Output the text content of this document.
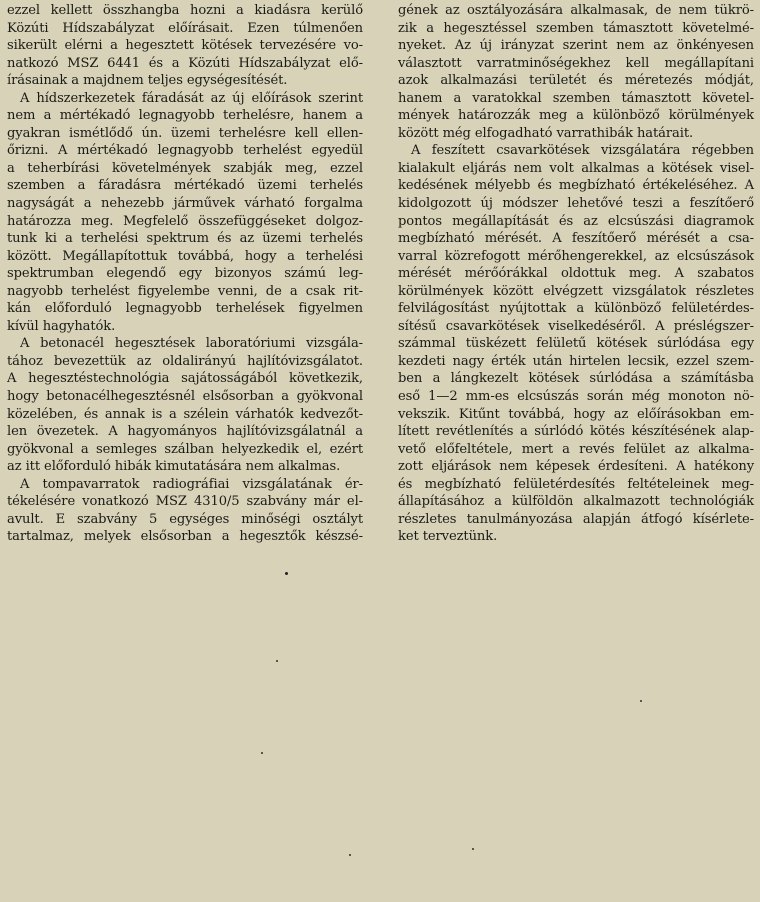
ezzel kellett összhangba hozni a kiadásra kerülő
Közúti Hídszabályzat előírásait. Ezen túlmenően
sikerült elérni a hegesztett kötések tervezésére vo-
natkozó MSZ 6441 és a Közúti Hídszabályzat elő-
írásainak a majdnem teljes egységesítését.
A hídszerkezetek fáradását az új előírások szerint
nem a mértékadó legnagyobb terhelésre, hanem a
gyakran ismétlődő ún. üzemi terhelésre kell ellen-
őrizni. A mértékadó legnagyobb terhelést egyedül
a teherbírási követelmények szabják meg, ezzel
szemben a fáradásra mértékadó üzemi terhelés
nagyságát a nehezebb járművek várható forgalma
határozza meg. Megfelelő összefüggéseket dolgoz-
tunk ki a terhelési spektrum és az üzemi terhelés
között. Megállapítottuk továbbá, hogy a terhelési
spektrumban elegendő egy bizonyos számú leg-
nagyobb terhelést figyelembe venni, de a csak rit-
kán előforduló legnagyobb terhelések figyelmen
kívül hagyhatók.
A betonacél hegesztések laboratóriumi vizsgála-
tához bevezettük az oldalirányú hajlítóvizsgálatot.
A hegesztéstechnológia sajátosságából következik,
hogy betonacélhegesztésnél elsősorban a gyökvonal
közelében, és annak is a szélein várhatók kedvezőt-
len övezetek. A hagyományos hajlítóvizsgálatnál a
gyökvonal a semleges szálban helyezkedik el, ezért
az itt előforduló hibák kimutatására nem alkalmas.
A tompavarratok radiográfiai vizsgálatának ér-
tékelésére vonatkozó MSZ 4310/5 szabvány már el-
avult. E szabvány 5 egységes minőségi osztályt
tartalmaz, melyek elsősorban a hegesztők készsé-
gének az osztályozására alkalmasak, de nem tükrö-
zik a hegesztéssel szemben támasztott követelmé-
nyeket. Az új irányzat szerint nem az önkényesen
választott varratminőségekhez kell megállapítani
azok alkalmazási területét és méretezés módját,
hanem a varatokkal szemben támasztott követel-
mények határozzák meg a különböző körülmények
között még elfogadható varrathibák határait.
A feszített csavarkötések vizsgálatára régebben
kialakult eljárás nem volt alkalmas a kötések visel-
kedésének mélyebb és megbízható értékeléséhez. A
kidolgozott új módszer lehetővé teszi a feszítőerő
pontos megállapítását és az elcsúszási diagramok
megbízható mérését. A feszítőerő mérését a csa-
varral közrefogott mérőhengerekkel, az elcsúszások
mérését mérőórákkal oldottuk meg. A szabatos
körülmények között elvégzett vizsgálatok részletes
felvilágosítást nyújtottak a különböző felületérdes-
sítésű csavarkötések viselkedéséről. A préslégszer-
számmal tüskézett felületű kötések súrlódása egy
kezdeti nagy érték után hirtelen lecsik, ezzel szem-
ben a lángkezelt kötések súrlódása a számításba
eső 1—2 mm-es elcsúszás során még monoton nö-
vekszik. Kitűnt továbbá, hogy az előírásokban em-
lített revétlenítés a súrlódó kötés készítésének alap-
vető előfeltétele, mert a revés felület az alkalma-
zott eljárások nem képesek érdesíteni. A hatékony
és megbízható felületérdesítés feltételeinek meg-
állapításához a külföldön alkalmazott technológiák
részletes tanulmányozása alapján átfogó kísérlete-
ket terveztünk.
